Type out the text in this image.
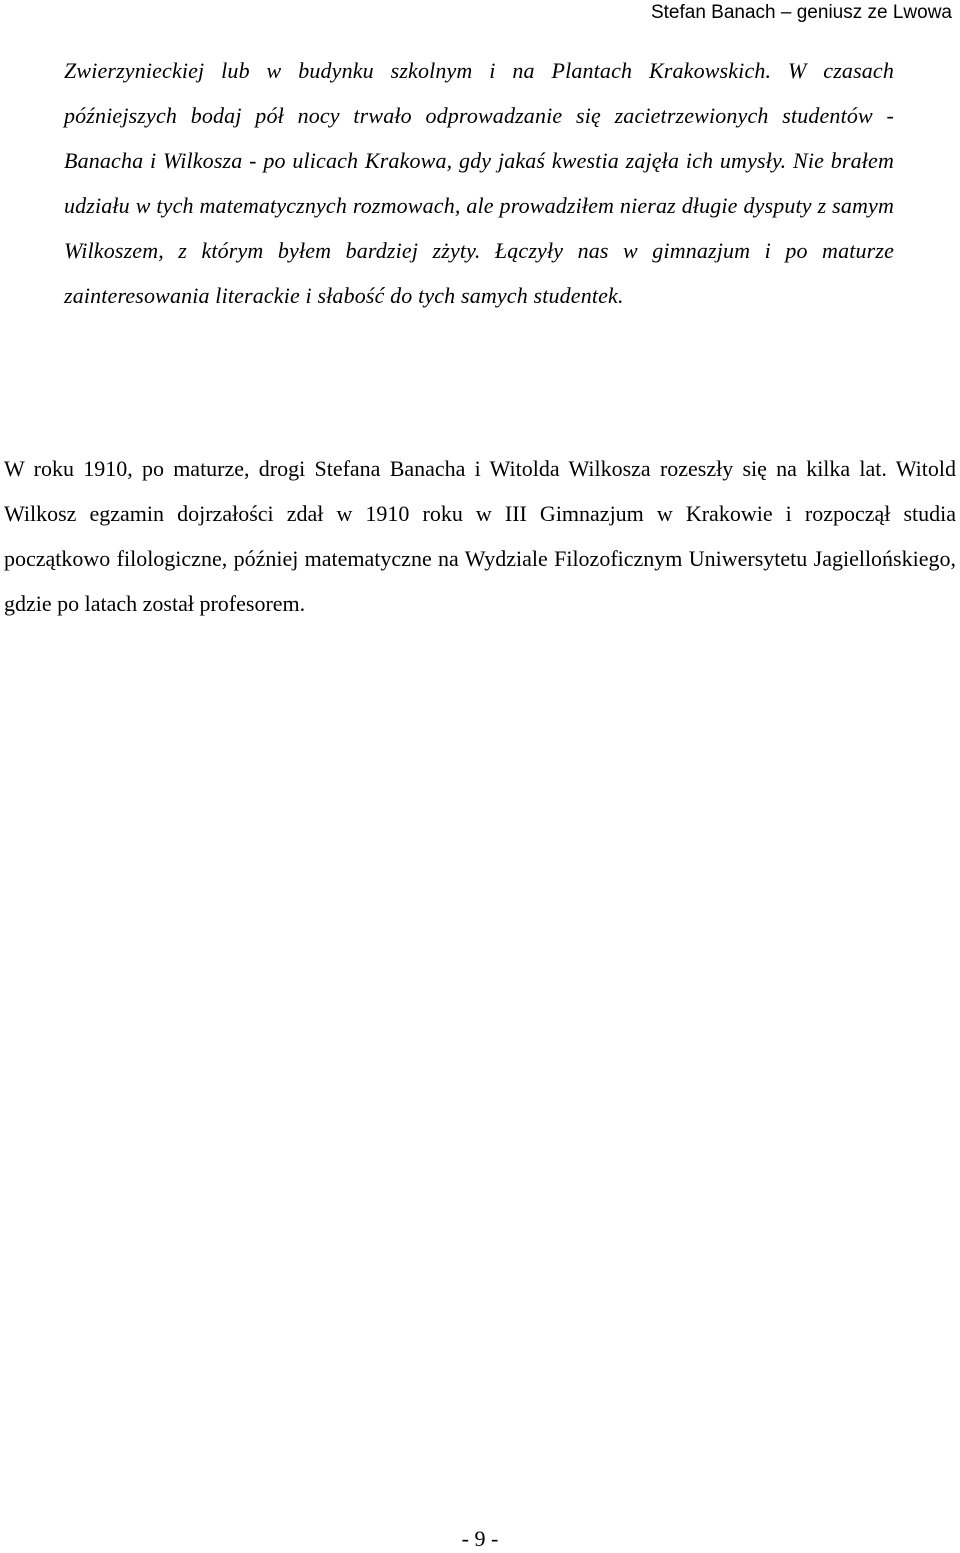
Stefan Banach – geniusz ze Lwowa

Zwierzynieckiej lub w budynku szkolnym i na Plantach Krakowskich. W czasach późniejszych bodaj pół nocy trwało odprowadzanie się zacietrzewionych studentów - Banacha i Wilkosza - po ulicach Krakowa, gdy jakaś kwestia zajęła ich umysły. Nie brałem udziału w tych matematycznych rozmowach, ale prowadziłem nieraz długie dysputy z samym Wilkoszem, z którym byłem bardziej zżyty. Łączyły nas w gimnazjum i po maturze zainteresowania literackie i słabość do tych samych studentek.

W roku 1910, po maturze, drogi Stefana Banacha i Witolda Wilkosza rozeszły się na kilka lat. Witold Wilkosz egzamin dojrzałości zdał w 1910 roku w III Gimnazjum w Krakowie i rozpoczął studia początkowo filologiczne, później matematyczne na Wydziale Filozoficznym Uniwersytetu Jagiellońskiego, gdzie po latach został profesorem.

- 9 -
